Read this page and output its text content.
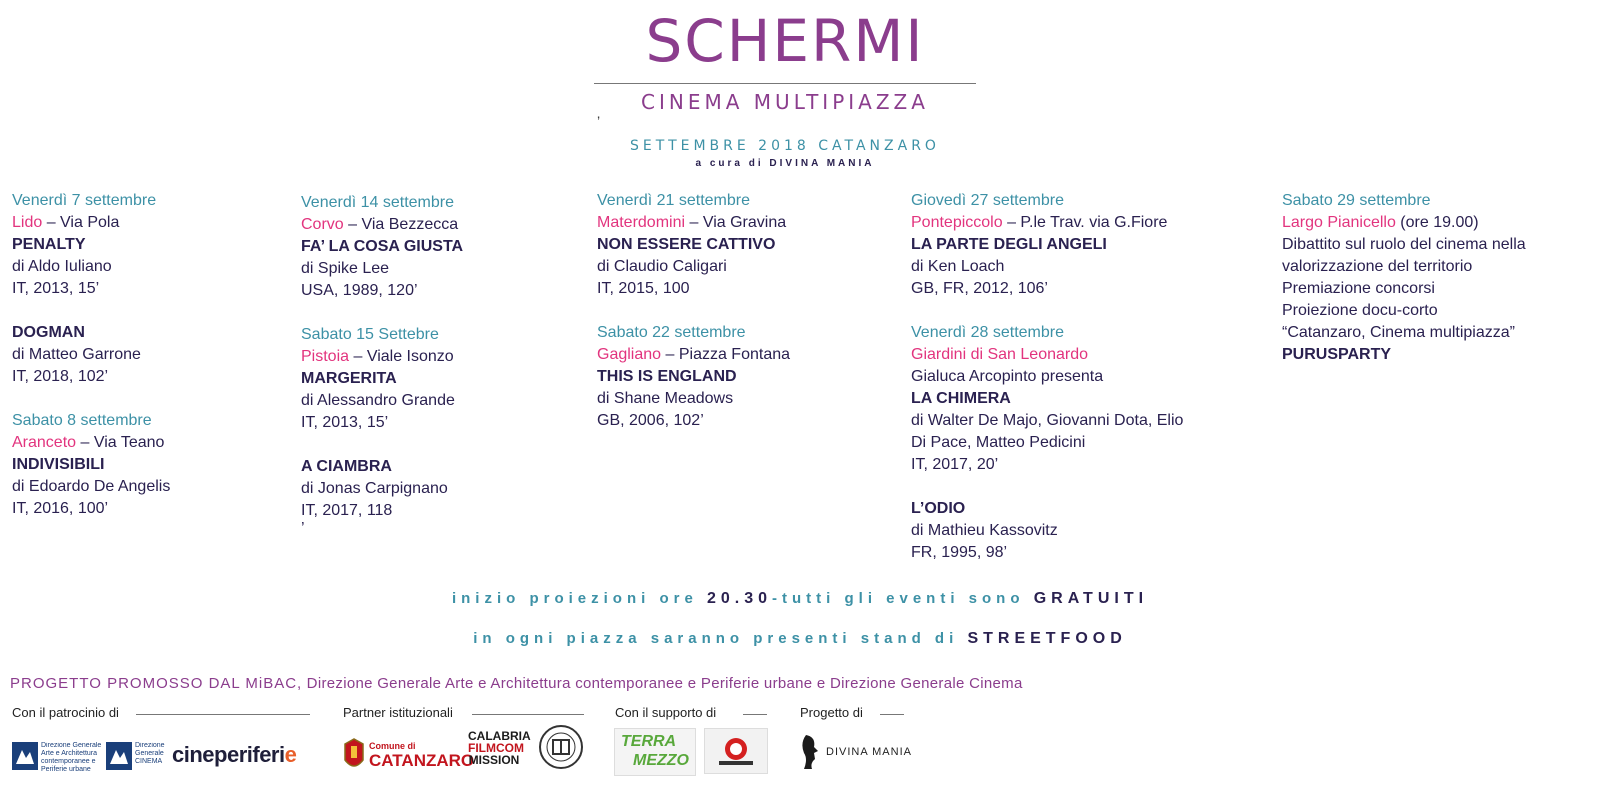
SCHERMI
CINEMA MULTIPIAZZA
’
SETTEMBRE 2018 CATANZARO
a cura di DIVINA MANIA
Venerdì 7 settembre
Lido – Via Pola
PENALTY
di Aldo Iuliano
IT, 2013, 15’
DOGMAN
di Matteo Garrone
IT, 2018, 102’
Sabato 8 settembre
Aranceto – Via Teano
INDIVISIBILI
di Edoardo De Angelis
IT, 2016, 100’
Venerdì 14 settembre
Corvo – Via Bezzecca
FA’ LA COSA GIUSTA
di Spike Lee
USA, 1989, 120’
Sabato 15 Settebre
Pistoia – Viale Isonzo
MARGERITA
di Alessandro Grande
IT, 2013, 15’
A CIAMBRA
di Jonas Carpignano
IT, 2017, 118
’
Venerdì 21 settembre
Materdomini – Via Gravina
NON ESSERE CATTIVO
di Claudio Caligari
IT, 2015, 100
Sabato 22 settembre
Gagliano – Piazza Fontana
THIS IS ENGLAND
di Shane Meadows
GB, 2006, 102’
Giovedì 27 settembre
Pontepiccolo – P.le Trav. via G.Fiore
LA PARTE DEGLI ANGELI
di Ken Loach
GB, FR, 2012, 106’
Venerdì 28 settembre
Giardini di San Leonardo
Gialuca Arcopinto presenta
LA CHIMERA
di Walter De Majo, Giovanni Dota, Elio
Di Pace, Matteo Pedicini
IT, 2017, 20’
L’ODIO
di Mathieu Kassovitz
FR, 1995, 98’
Sabato 29 settembre
Largo Pianicello (ore 19.00)
Dibattito sul ruolo del cinema nella
valorizzazione del territorio
Premiazione concorsi
Proiezione docu-corto
“Catanzaro, Cinema multipiazza”
PURUSPARTY
inizio proiezioni ore 20.30-tutti gli eventi sono GRATUITI
in ogni piazza saranno presenti stand di STREETFOOD
PROGETTO PROMOSSO DAL MiBAC, Direzione Generale Arte e Architettura contemporanee e Periferie urbane e Direzione Generale Cinema
Con il patrocinio di	Partner istituzionali	Con il supporto di	Progetto di
Direzione Generale Arte e Architettura contemporanee e Periferie urbane
Direzione Generale CINEMA cineperiferie	Comune di
CATANZARO
CALABRIA
FILMCOM
MISSION
TERRA
MEZZO	DIVINA MANIA
